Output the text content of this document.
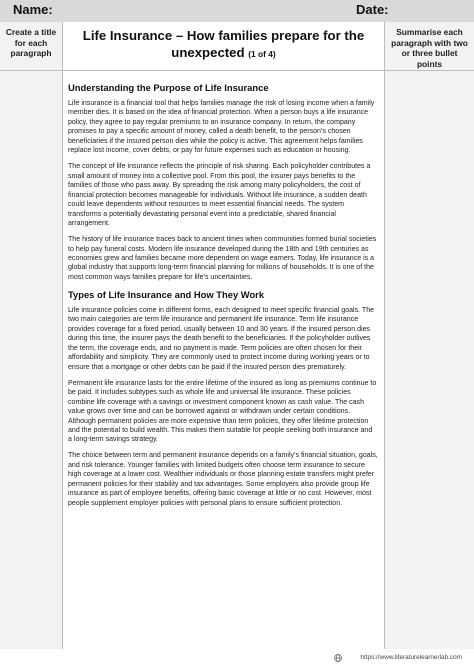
Name:	Date:
Create a title for each paragraph
Summarise each paragraph with two or three bullet points
Life Insurance – How families prepare for the unexpected (1 of 4)
Understanding the Purpose of Life Insurance

Life insurance is a financial tool that helps families manage the risk of losing income when a family member dies. It is based on the idea of financial protection. When a person buys a life insurance policy, they agree to pay regular premiums to an insurance company. In return, the company promises to pay a specific amount of money, called a death benefit, to the person’s chosen beneficiaries if the insured person dies while the policy is active. This agreement helps families replace lost income, cover debts, or pay for future expenses such as education or housing.

The concept of life insurance reflects the principle of risk sharing. Each policyholder contributes a small amount of money into a collective pool. From this pool, the insurer pays benefits to the families of those who pass away. By spreading the risk among many policyholders, the cost of financial protection becomes manageable for individuals. Without life insurance, a sudden death could leave dependents without resources to meet essential financial needs. The system transforms a potentially devastating personal event into a predictable, shared financial arrangement.

The history of life insurance traces back to ancient times when communities formed burial societies to help pay funeral costs. Modern life insurance developed during the 18th and 19th centuries as economies grew and families became more dependent on wage earners. Today, life insurance is a global industry that supports long-term financial planning for millions of households. It is one of the most common ways families prepare for life’s uncertainties.

Types of Life Insurance and How They Work

Life insurance policies come in different forms, each designed to meet specific financial goals. The two main categories are term life insurance and permanent life insurance. Term life insurance provides coverage for a fixed period, usually between 10 and 30 years. If the insured person dies during this time, the insurer pays the death benefit to the beneficiaries. If the policyholder outlives the term, the coverage ends, and no payment is made. Term policies are often chosen for their affordability and simplicity. They are commonly used to protect income during working years or to ensure that a mortgage or other debts can be paid if the insured person dies prematurely.

Permanent life insurance lasts for the entire lifetime of the insured as long as premiums continue to be paid. It includes subtypes such as whole life and universal life insurance. These policies combine life coverage with a savings or investment component known as cash value. The cash value grows over time and can be borrowed against or withdrawn under certain conditions. Although permanent policies are more expensive than term policies, they offer lifetime protection and the potential to build wealth. This makes them suitable for people seeking both insurance and a long-term savings strategy.

The choice between term and permanent insurance depends on a family’s financial situation, goals, and risk tolerance. Younger families with limited budgets often choose term insurance to secure high coverage at a lower cost. Wealthier individuals or those planning estate transfers might prefer permanent policies for their stability and tax advantages. Some employers also provide group life insurance as part of employee benefits, offering basic coverage at little or no cost. However, most people supplement employer policies with personal plans to ensure sufficient protection.

https://www.literaturelearnerlab.com
